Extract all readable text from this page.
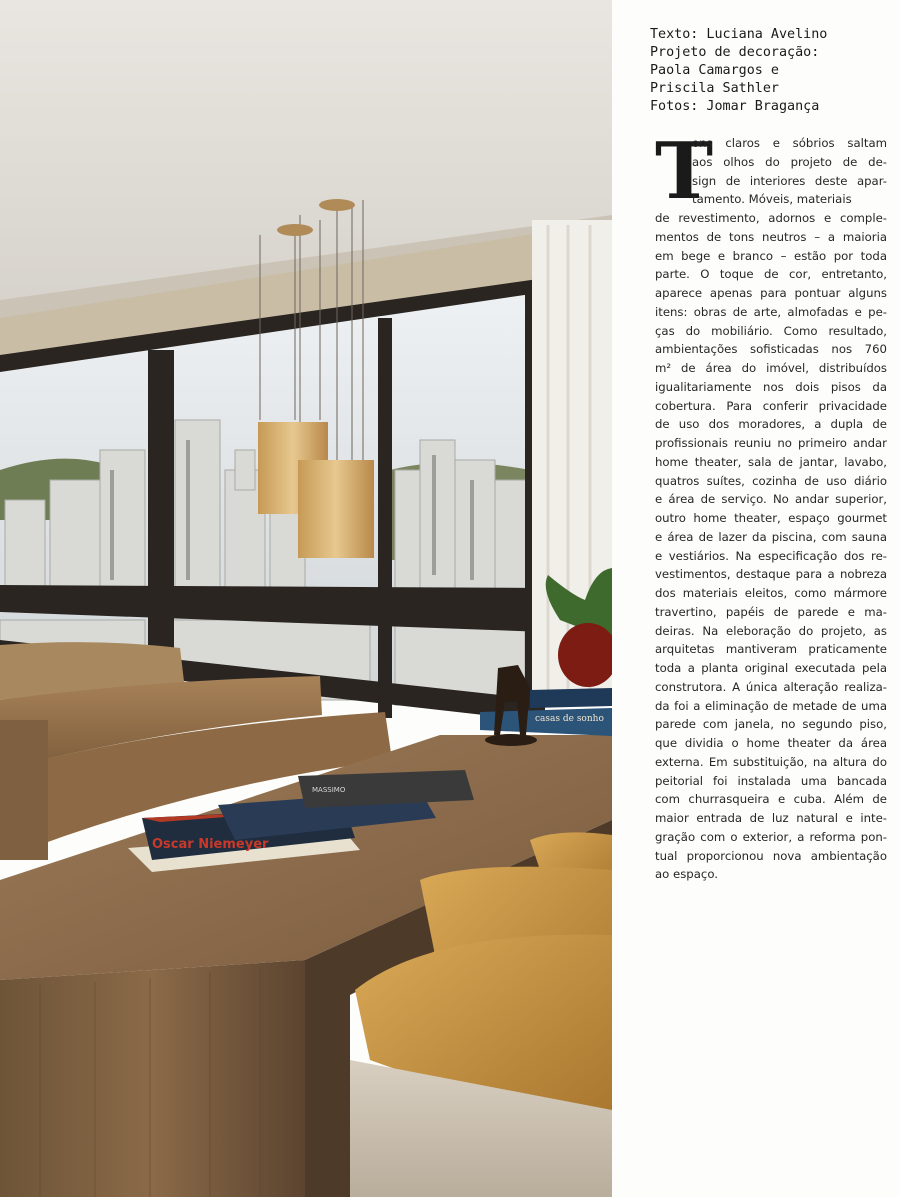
Oscar Niemeyer
casas de sonho
MASSIMO
Texto: Luciana Avelino
Projeto de decoração:
Paola Camargos e
Priscila Sathler
Fotos: Jomar Bragança
T
ons claros e sóbrios saltam
aos olhos do projeto de de-
sign de interiores deste apar-
tamento. Móveis, materiais
de revestimento, adornos e comple-
mentos de tons neutros – a maioria
em bege e branco – estão por toda
parte. O toque de cor, entretanto,
aparece apenas para pontuar alguns
itens: obras de arte, almofadas e pe-
ças do mobiliário. Como resultado,
ambientações sofisticadas nos 760
m² de área do imóvel, distribuídos
igualitariamente nos dois pisos da
cobertura. Para conferir privacidade
de uso dos moradores, a dupla de
profissionais reuniu no primeiro andar
home theater, sala de jantar, lavabo,
quatros suítes, cozinha de uso diário
e área de serviço. No andar superior,
outro home theater, espaço gourmet
e área de lazer da piscina, com sauna
e vestiários. Na especificação dos re-
vestimentos, destaque para a nobreza
dos materiais eleitos, como mármore
travertino, papéis de parede e ma-
deiras. Na eleboração do projeto, as
arquitetas mantiveram praticamente
toda a planta original executada pela
construtora. A única alteração realiza-
da foi a eliminação de metade de uma
parede com janela, no segundo piso,
que dividia o home theater da área
externa. Em substituição, na altura do
peitorial foi instalada uma bancada
com churrasqueira e cuba. Além de
maior entrada de luz natural e inte-
gração com o exterior, a reforma pon-
tual proporcionou nova ambientação
ao espaço.
